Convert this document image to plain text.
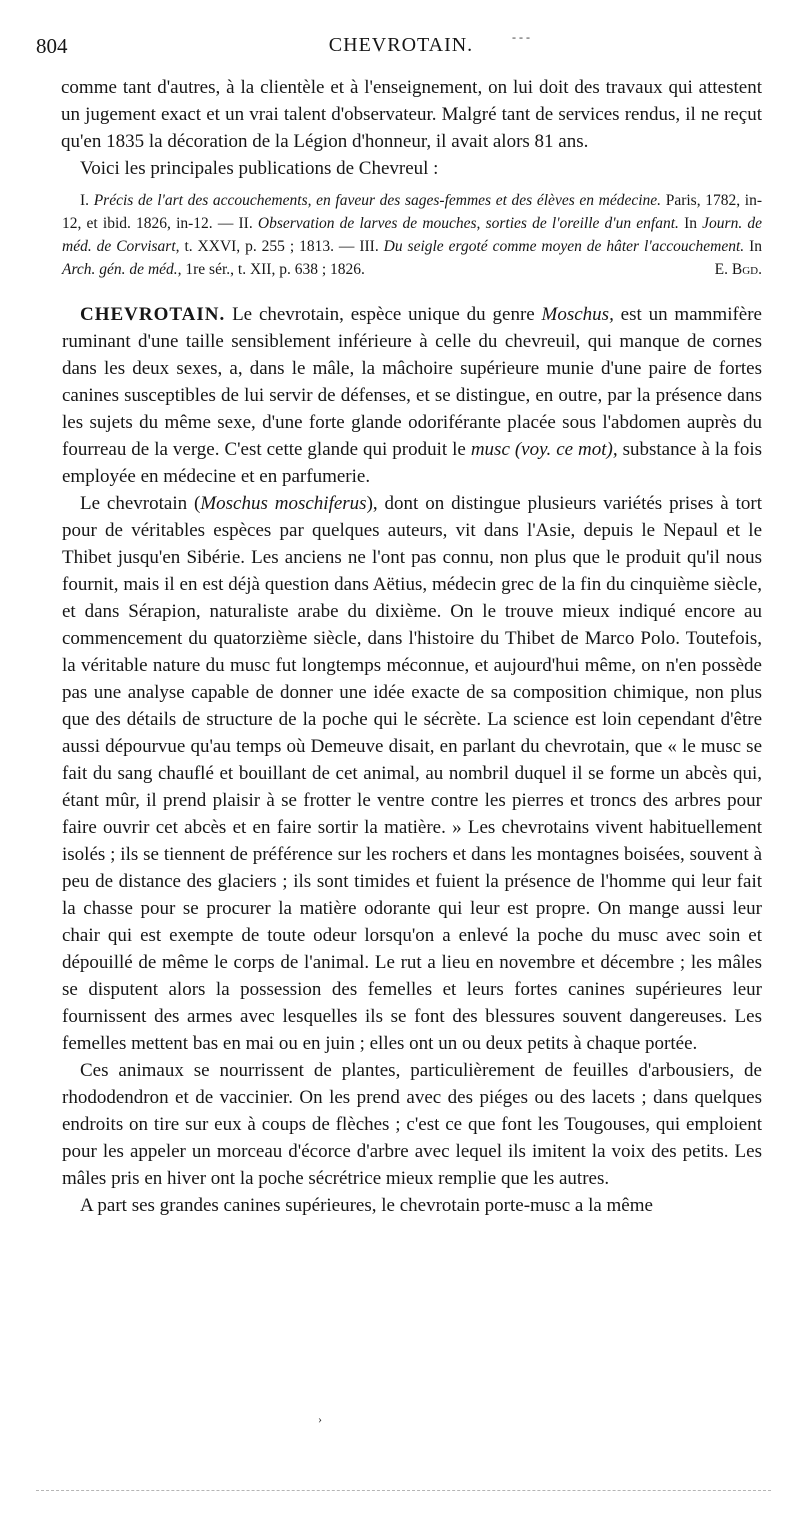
804	CHEVROTAIN.	- - -

comme tant d'autres, à la clientèle et à l'enseignement, on lui doit des travaux qui attestent un jugement exact et un vrai talent d'observateur. Malgré tant de services rendus, il ne reçut qu'en 1835 la décoration de la Légion d'honneur, il avait alors 81 ans.

Voici les principales publications de Chevreul :

I. Précis de l'art des accouchements, en faveur des sages-femmes et des élèves en médecine. Paris, 1782, in-12, et ibid. 1826, in-12. — II. Observation de larves de mouches, sorties de l'oreille d'un enfant. In Journ. de méd. de Corvisart, t. XXVI, p. 255 ; 1813. — III. Du seigle ergoté comme moyen de hâter l'accouchement. In Arch. gén. de méd., 1re sér., t. XII, p. 638 ; 1826.	E. Bgd.

CHEVROTAIN. Le chevrotain, espèce unique du genre Moschus, est un mammifère ruminant d'une taille sensiblement inférieure à celle du chevreuil, qui manque de cornes dans les deux sexes, a, dans le mâle, la mâchoire supérieure munie d'une paire de fortes canines susceptibles de lui servir de défenses, et se distingue, en outre, par la présence dans les sujets du même sexe, d'une forte glande odoriférante placée sous l'abdomen auprès du fourreau de la verge. C'est cette glande qui produit le musc (voy. ce mot), substance à la fois employée en médecine et en parfumerie.

Le chevrotain (Moschus moschiferus), dont on distingue plusieurs variétés prises à tort pour de véritables espèces par quelques auteurs, vit dans l'Asie, depuis le Nepaul et le Thibet jusqu'en Sibérie. Les anciens ne l'ont pas connu, non plus que le produit qu'il nous fournit, mais il en est déjà question dans Aëtius, médecin grec de la fin du cinquième siècle, et dans Sérapion, naturaliste arabe du dixième. On le trouve mieux indiqué encore au commencement du quatorzième siècle, dans l'histoire du Thibet de Marco Polo. Toutefois, la véritable nature du musc fut longtemps méconnue, et aujourd'hui même, on n'en possède pas une analyse capable de donner une idée exacte de sa composition chimique, non plus que des détails de structure de la poche qui le sécrète. La science est loin cependant d'être aussi dépourvue qu'au temps où Demeuve disait, en parlant du chevrotain, que « le musc se fait du sang chauflé et bouillant de cet animal, au nombril duquel il se forme un abcès qui, étant mûr, il prend plaisir à se frotter le ventre contre les pierres et troncs des arbres pour faire ouvrir cet abcès et en faire sortir la matière. » Les chevrotains vivent habituellement isolés ; ils se tiennent de préférence sur les rochers et dans les montagnes boisées, souvent à peu de distance des glaciers ; ils sont timides et fuient la présence de l'homme qui leur fait la chasse pour se procurer la matière odorante qui leur est propre. On mange aussi leur chair qui est exempte de toute odeur lorsqu'on a enlevé la poche du musc avec soin et dépouillé de même le corps de l'animal. Le rut a lieu en novembre et décembre ; les mâles se disputent alors la possession des femelles et leurs fortes canines supérieures leur fournissent des armes avec lesquelles ils se font des blessures souvent dangereuses. Les femelles mettent bas en mai ou en juin ; elles ont un ou deux petits à chaque portée.

Ces animaux se nourrissent de plantes, particulièrement de feuilles d'arbousiers, de rhododendron et de vaccinier. On les prend avec des piéges ou des lacets ; dans quelques endroits on tire sur eux à coups de flèches ; c'est ce que font les Tougouses, qui emploient pour les appeler un morceau d'écorce d'arbre avec lequel ils imitent la voix des petits. Les mâles pris en hiver ont la poche sécrétrice mieux remplie que les autres.

A part ses grandes canines supérieures, le chevrotain porte-musc a la même

›
